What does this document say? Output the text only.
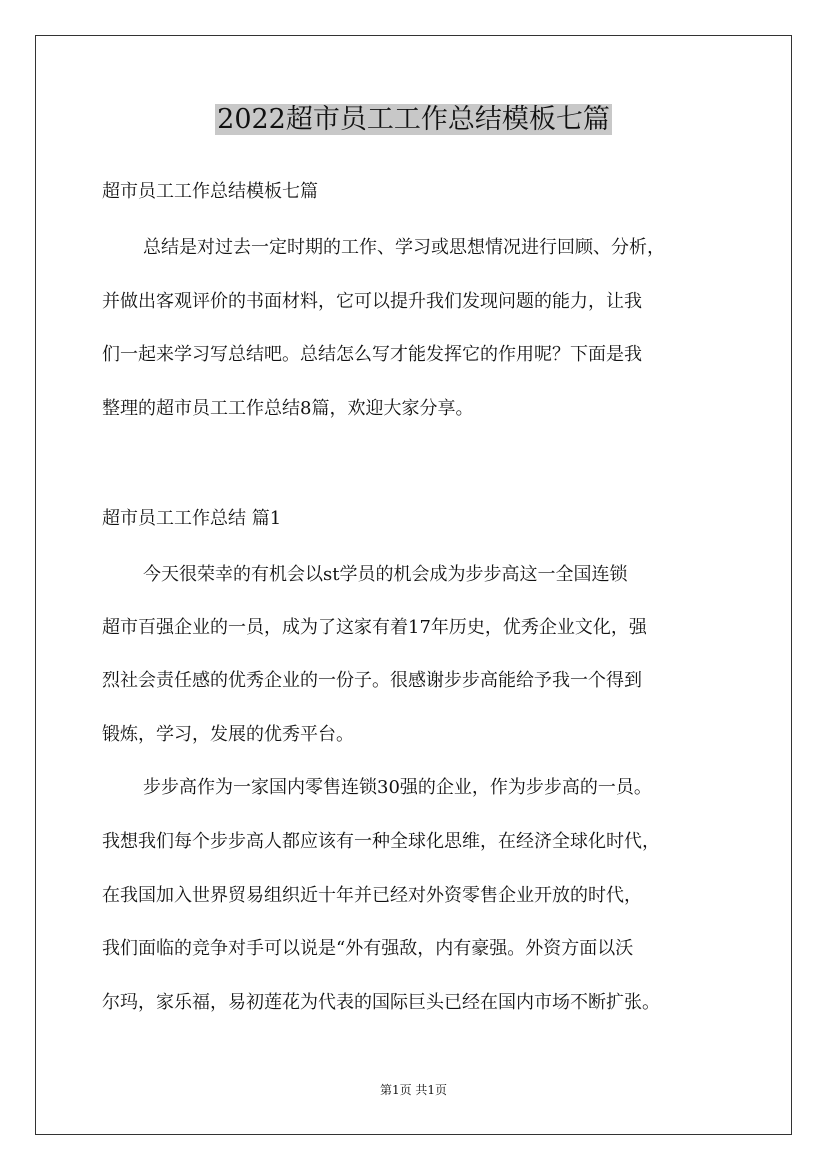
2022超市员工工作总结模板七篇
超市员工工作总结模板七篇
总结是对过去一定时期的工作、学习或思想情况进行回顾、分析，
并做出客观评价的书面材料，它可以提升我们发现问题的能力，让我
们一起来学习写总结吧。总结怎么写才能发挥它的作用呢？下面是我
整理的超市员工工作总结8篇，欢迎大家分享。
超市员工工作总结 篇1
今天很荣幸的有机会以st学员的机会成为步步高这一全国连锁
超市百强企业的一员，成为了这家有着17年历史，优秀企业文化，强
烈社会责任感的优秀企业的一份子。很感谢步步高能给予我一个得到
锻炼，学习，发展的优秀平台。
步步高作为一家国内零售连锁30强的企业，作为步步高的一员。
我想我们每个步步高人都应该有一种全球化思维，在经济全球化时代，
在我国加入世界贸易组织近十年并已经对外资零售企业开放的时代，
我们面临的竞争对手可以说是“外有强敌，内有豪强。外资方面以沃
尔玛，家乐福，易初莲花为代表的国际巨头已经在国内市场不断扩张。
第1页 共1页
